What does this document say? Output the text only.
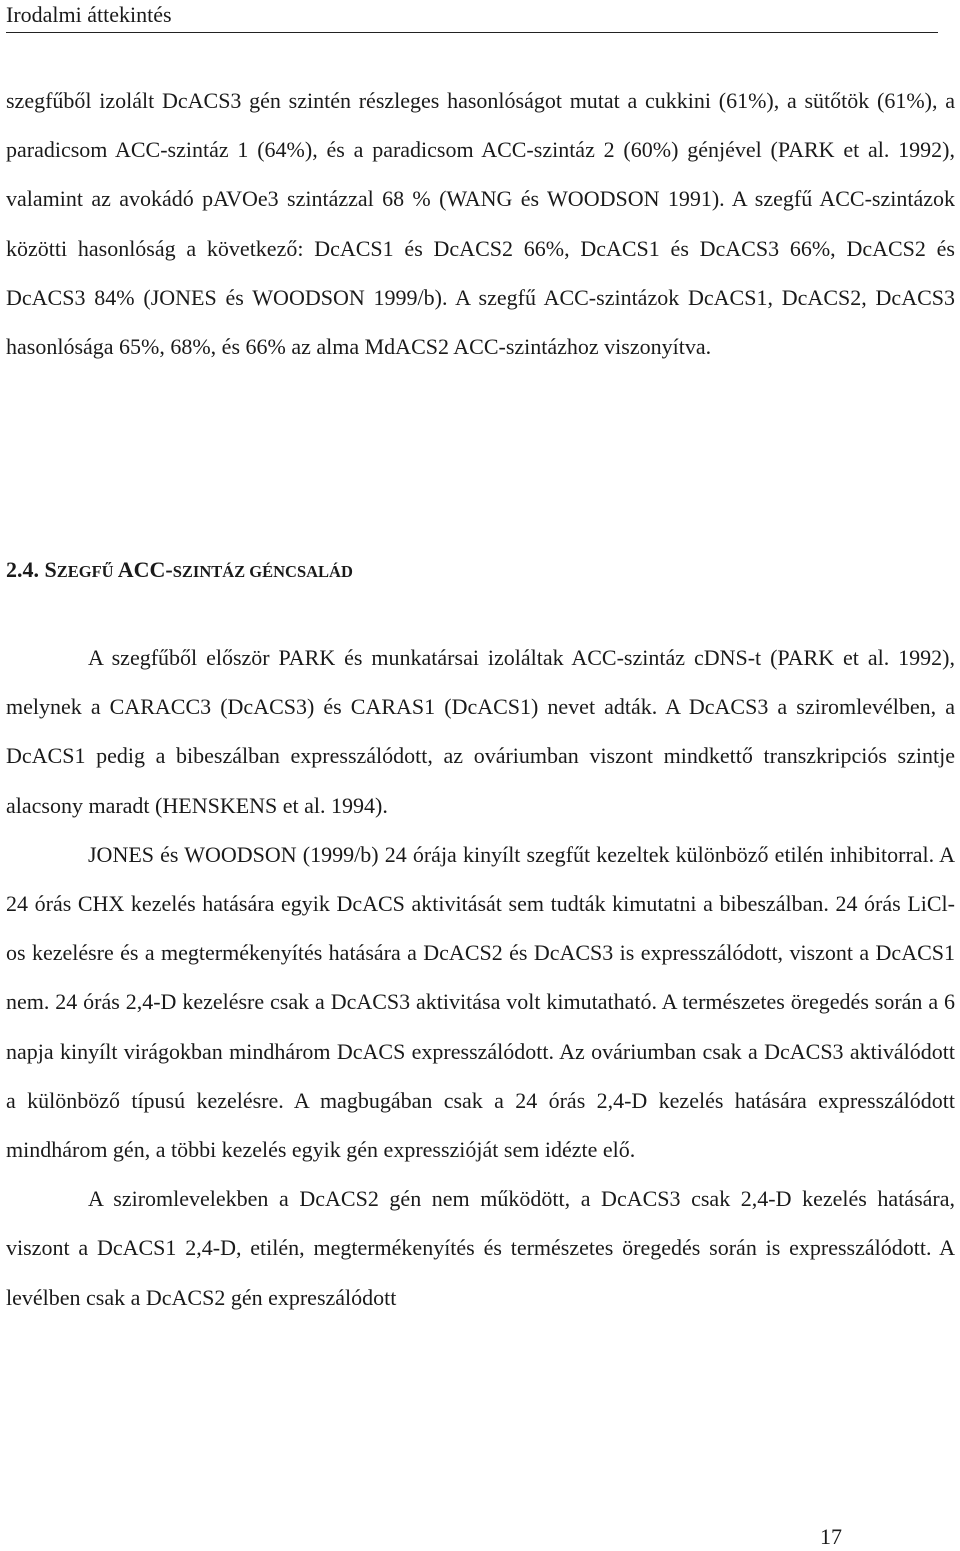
Irodalmi áttekintés

szegfűből izolált DcACS3 gén szintén részleges hasonlóságot mutat a cukkini (61%), a sütőtök (61%), a paradicsom ACC-szintáz 1 (64%), és a paradicsom ACC-szintáz 2 (60%) génjével (PARK et al. 1992), valamint az avokádó pAVOe3 szintázzal 68 % (WANG és WOODSON 1991). A szegfű ACC-szintázok közötti hasonlóság a következő: DcACS1 és DcACS2 66%, DcACS1 és DcACS3 66%, DcACS2 és DcACS3 84% (JONES és WOODSON 1999/b). A szegfű ACC-szintázok DcACS1, DcACS2, DcACS3 hasonlósága 65%, 68%, és 66% az alma MdACS2 ACC-szintázhoz viszonyítva.

2.4. SZEGFŰ ACC-SZINTÁZ GÉNCSALÁD

A szegfűből először PARK és munkatársai izoláltak ACC-szintáz cDNS-t (PARK et al. 1992), melynek a CARACC3 (DcACS3) és CARAS1 (DcACS1) nevet adták. A DcACS3 a sziromlevélben, a DcACS1 pedig a bibeszálban expresszálódott, az ováriumban viszont mindkettő transzkripciós szintje alacsony maradt (HENSKENS et al. 1994).

JONES és WOODSON (1999/b) 24 órája kinyílt szegfűt kezeltek különböző etilén inhibitorral. A 24 órás CHX kezelés hatására egyik DcACS aktivitását sem tudták kimutatni a bibeszálban. 24 órás LiCl-os kezelésre és a megtermékenyítés hatására a DcACS2 és DcACS3 is expresszálódott, viszont a DcACS1 nem. 24 órás 2,4-D kezelésre csak a DcACS3 aktivitása volt kimutatható. A természetes öregedés során a 6 napja kinyílt virágokban mindhárom DcACS expresszálódott. Az ováriumban csak a DcACS3 aktiválódott a különböző típusú kezelésre. A magbugában csak a 24 órás 2,4-D kezelés hatására expresszálódott mindhárom gén, a többi kezelés egyik gén expresszióját sem idézte elő.

A sziromlevelekben a DcACS2 gén nem működött, a DcACS3 csak 2,4-D kezelés hatására, viszont a DcACS1 2,4-D, etilén, megtermékenyítés és természetes öregedés során is expresszálódott. A levélben csak a DcACS2 gén expreszálódott

17
